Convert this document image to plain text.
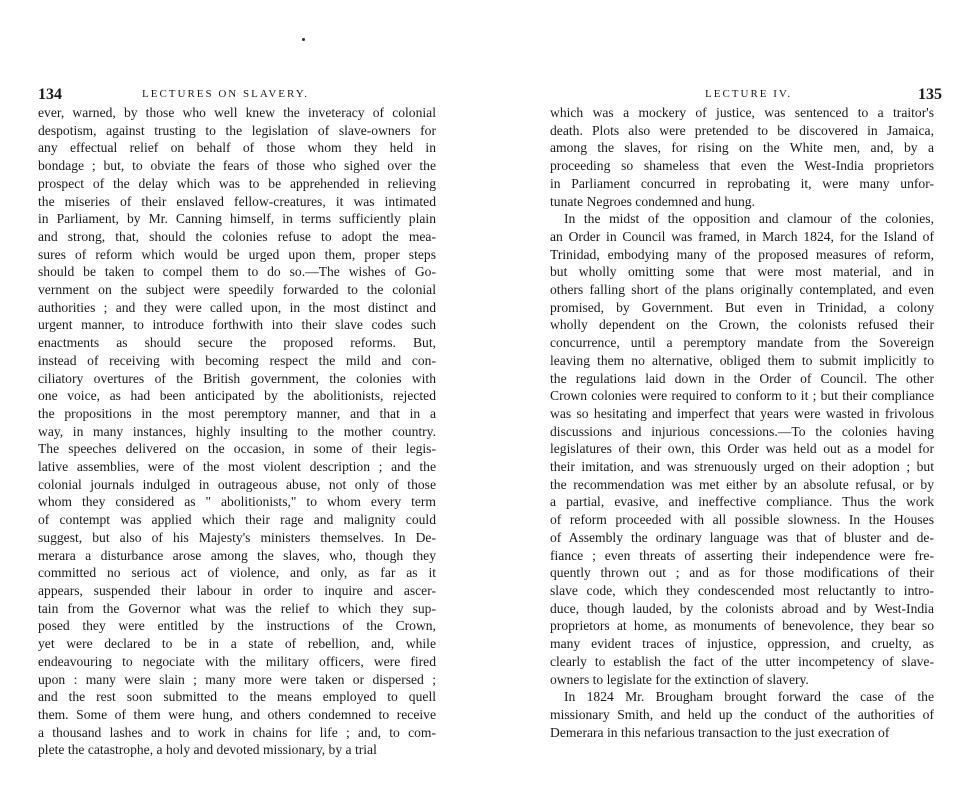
134	LECTURES ON SLAVERY.
ever, warned, by those who well knew the inveteracy of colonial
despotism, against trusting to the legislation of slave-owners for
any effectual relief on behalf of those whom they held in
bondage ; but, to obviate the fears of those who sighed over the
prospect of the delay which was to be apprehended in relieving
the miseries of their enslaved fellow-creatures, it was intimated
in Parliament, by Mr. Canning himself, in terms sufficiently plain
and strong, that, should the colonies refuse to adopt the mea-
sures of reform which would be urged upon them, proper steps
should be taken to compel them to do so.—The wishes of Go-
vernment on the subject were speedily forwarded to the colonial
authorities ; and they were called upon, in the most distinct and
urgent manner, to introduce forthwith into their slave codes such
enactments as should secure the proposed reforms. But,
instead of receiving with becoming respect the mild and con-
ciliatory overtures of the British government, the colonies with
one voice, as had been anticipated by the abolitionists, rejected
the propositions in the most peremptory manner, and that in a
way, in many instances, highly insulting to the mother country.
The speeches delivered on the occasion, in some of their legis-
lative assemblies, were of the most violent description ; and the
colonial journals indulged in outrageous abuse, not only of those
whom they considered as " abolitionists," to whom every term
of contempt was applied which their rage and malignity could
suggest, but also of his Majesty's ministers themselves. In De-
merara a disturbance arose among the slaves, who, though they
committed no serious act of violence, and only, as far as it
appears, suspended their labour in order to inquire and ascer-
tain from the Governor what was the relief to which they sup-
posed they were entitled by the instructions of the Crown,
yet were declared to be in a state of rebellion, and, while
endeavouring to negociate with the military officers, were fired
upon : many were slain ; many more were taken or dispersed ;
and the rest soon submitted to the means employed to quell
them. Some of them were hung, and others condemned to receive
a thousand lashes and to work in chains for life ; and, to com-
plete the catastrophe, a holy and devoted missionary, by a trial
LECTURE IV.	135
which was a mockery of justice, was sentenced to a traitor's
death. Plots also were pretended to be discovered in Jamaica,
among the slaves, for rising on the White men, and, by a
proceeding so shameless that even the West-India proprietors
in Parliament concurred in reprobating it, were many unfor-
tunate Negroes condemned and hung.
In the midst of the opposition and clamour of the colonies,
an Order in Council was framed, in March 1824, for the Island of
Trinidad, embodying many of the proposed measures of reform,
but wholly omitting some that were most material, and in
others falling short of the plans originally contemplated, and even
promised, by Government. But even in Trinidad, a colony
wholly dependent on the Crown, the colonists refused their
concurrence, until a peremptory mandate from the Sovereign
leaving them no alternative, obliged them to submit implicitly to
the regulations laid down in the Order of Council. The other
Crown colonies were required to conform to it ; but their compliance
was so hesitating and imperfect that years were wasted in frivolous
discussions and injurious concessions.—To the colonies having
legislatures of their own, this Order was held out as a model for
their imitation, and was strenuously urged on their adoption ; but
the recommendation was met either by an absolute refusal, or by
a partial, evasive, and ineffective compliance. Thus the work
of reform proceeded with all possible slowness. In the Houses
of Assembly the ordinary language was that of bluster and de-
fiance ; even threats of asserting their independence were fre-
quently thrown out ; and as for those modifications of their
slave code, which they condescended most reluctantly to intro-
duce, though lauded, by the colonists abroad and by West-India
proprietors at home, as monuments of benevolence, they bear so
many evident traces of injustice, oppression, and cruelty, as
clearly to establish the fact of the utter incompetency of slave-
owners to legislate for the extinction of slavery.
In 1824 Mr. Brougham brought forward the case of the
missionary Smith, and held up the conduct of the authorities of
Demerara in this nefarious transaction to the just execration of
